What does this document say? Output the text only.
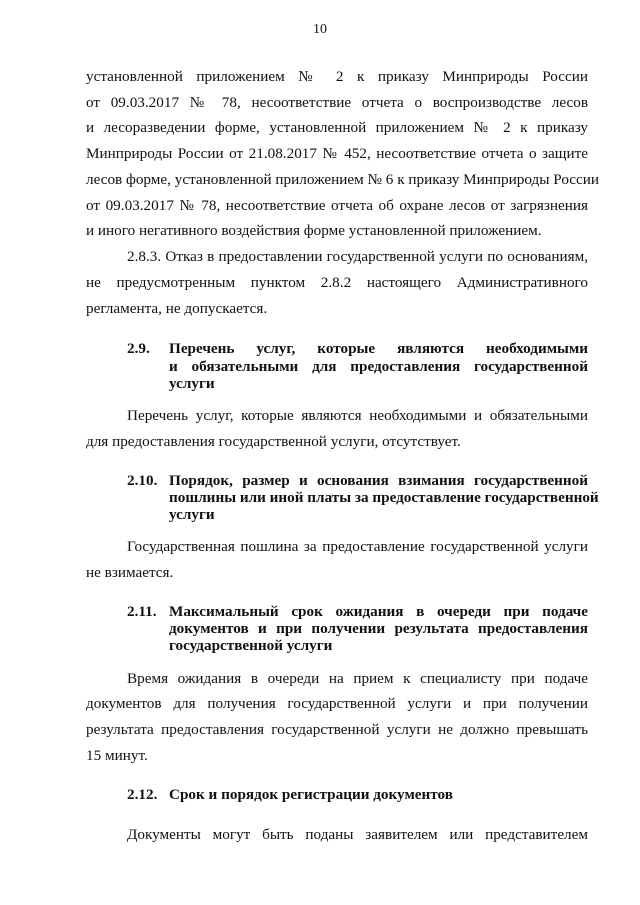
10
установленной приложением № 2 к приказу Минприроды России
от 09.03.2017 № 78, несоответствие отчета о воспроизводстве лесов
и лесоразведении форме, установленной приложением № 2 к приказу
Минприроды России от 21.08.2017 № 452, несоответствие отчета о защите
лесов форме, установленной приложением № 6 к приказу Минприроды России
от 09.03.2017 № 78, несоответствие отчета об охране лесов от загрязнения
и иного негативного воздействия форме установленной приложением.
2.8.3. Отказ в предоставлении государственной услуги по основаниям,
не предусмотренным пунктом 2.8.2 настоящего Административного
регламента, не допускается.
2.9. Перечень услуг, которые являются необходимыми
и обязательными для предоставления государственной
услуги
Перечень услуг, которые являются необходимыми и обязательными
для предоставления государственной услуги, отсутствует.
2.10. Порядок, размер и основания взимания государственной
пошлины или иной платы за предоставление государственной
услуги
Государственная пошлина за предоставление государственной услуги
не взимается.
2.11. Максимальный срок ожидания в очереди при подаче
документов и при получении результата предоставления
государственной услуги
Время ожидания в очереди на прием к специалисту при подаче
документов для получения государственной услуги и при получении
результата предоставления государственной услуги не должно превышать
15 минут.
2.12. Срок и порядок регистрации документов
Документы могут быть поданы заявителем или представителем
